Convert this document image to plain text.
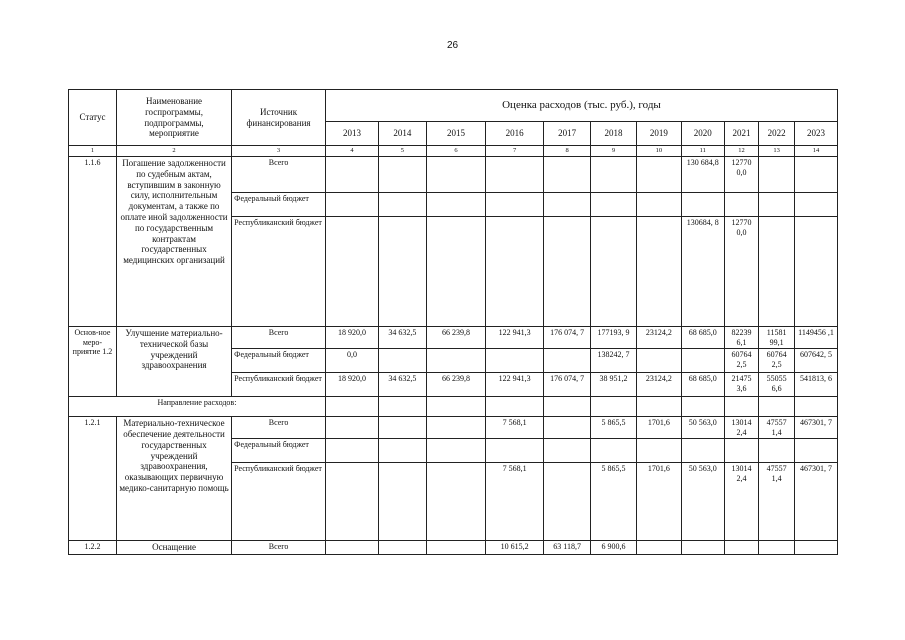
26
Статус	Наименование госпрограммы, подпрограммы, мероприятие	Источник финансирования	Оценка расходов (тыс. руб.), годы										
			2013	2014	2015	2016	2017	2018	2019	2020	2021	2022	2023
1	2	3	4	5	6	7	8	9	10	11	12	13	14
1.1.6	Погашение задолженности по судебным актам, вступившим в законную силу, исполнительным документам, а также по оплате иной задолженности по государственным контрактам государственных медицинских организаций	Всего								130 684,8	12770 0,0		
		Федеральный бюджет											
		Республиканский бюджет								130684, 8	12770 0,0		
Основ-ное меро-приятие 1.2	Улучшение материально-технической базы учреждений здравоохранения	Всего	18 920,0	34 632,5	66 239,8	122 941,3	176 074, 7	177193, 9	23124,2	68 685,0	82239 6,1	11581 99,1	1149456 ,1
		Федеральный бюджет	0,0					138242, 7			60764 2,5	60764 2,5	607642, 5
		Республиканский бюджет	18 920,0	34 632,5	66 239,8	122 941,3	176 074, 7	38 951,2	23124,2	68 685,0	21475 3,6	55055 6,6	541813, 6
Направление расходов:													
1.2.1	Материально-техническое обеспечение деятельности государственных учреждений здравоохранения, оказывающих первичную медико-санитарную помощь	Всего				7 568,1		5 865,5	1701,6	50 563,0	13014 2,4	47557 1,4	467301, 7
		Федеральный бюджет											
		Республиканский бюджет				7 568,1		5 865,5	1701,6	50 563,0	13014 2,4	47557 1,4	467301, 7
1.2.2	Оснащение	Всего				10 615,2	63 118,7	6 900,6					
